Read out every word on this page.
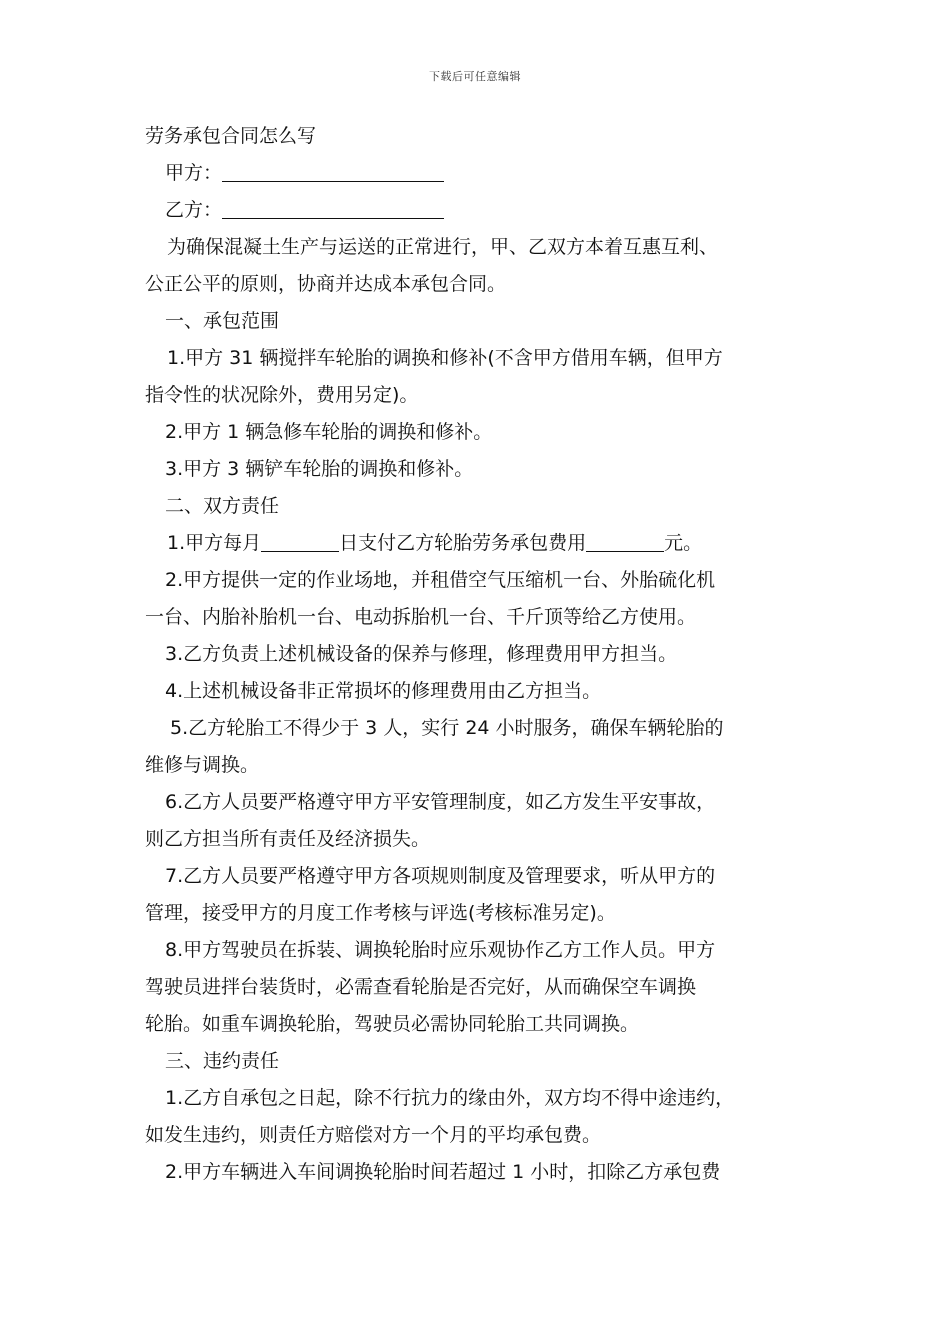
下载后可任意编辑
劳务承包合同怎么写
甲方：
乙方：
为确保混凝土生产与运送的正常进行，甲、乙双方本着互惠互利、
公正公平的原则，协商并达成本承包合同。
一、承包范围
1.甲方 31 辆搅拌车轮胎的调换和修补(不含甲方借用车辆，但甲方
指令性的状况除外，费用另定)。
2.甲方 1 辆急修车轮胎的调换和修补。
3.甲方 3 辆铲车轮胎的调换和修补。
二、双方责任
1.甲方每月	日支付乙方轮胎劳务承包费用	元。
2.甲方提供一定的作业场地，并租借空气压缩机一台、外胎硫化机
一台、内胎补胎机一台、电动拆胎机一台、千斤顶等给乙方使用。
3.乙方负责上述机械设备的保养与修理，修理费用甲方担当。
4.上述机械设备非正常损坏的修理费用由乙方担当。
5.乙方轮胎工不得少于 3 人，实行 24 小时服务，确保车辆轮胎的
维修与调换。
6.乙方人员要严格遵守甲方平安管理制度，如乙方发生平安事故，
则乙方担当所有责任及经济损失。
7.乙方人员要严格遵守甲方各项规则制度及管理要求，听从甲方的
管理，接受甲方的月度工作考核与评选(考核标准另定)。
8.甲方驾驶员在拆装、调换轮胎时应乐观协作乙方工作人员。甲方
驾驶员进拌台装货时，必需查看轮胎是否完好，从而确保空车调换
轮胎。如重车调换轮胎，驾驶员必需协同轮胎工共同调换。
三、违约责任
1.乙方自承包之日起，除不行抗力的缘由外，双方均不得中途违约，
如发生违约，则责任方赔偿对方一个月的平均承包费。
2.甲方车辆进入车间调换轮胎时间若超过 1 小时，扣除乙方承包费
